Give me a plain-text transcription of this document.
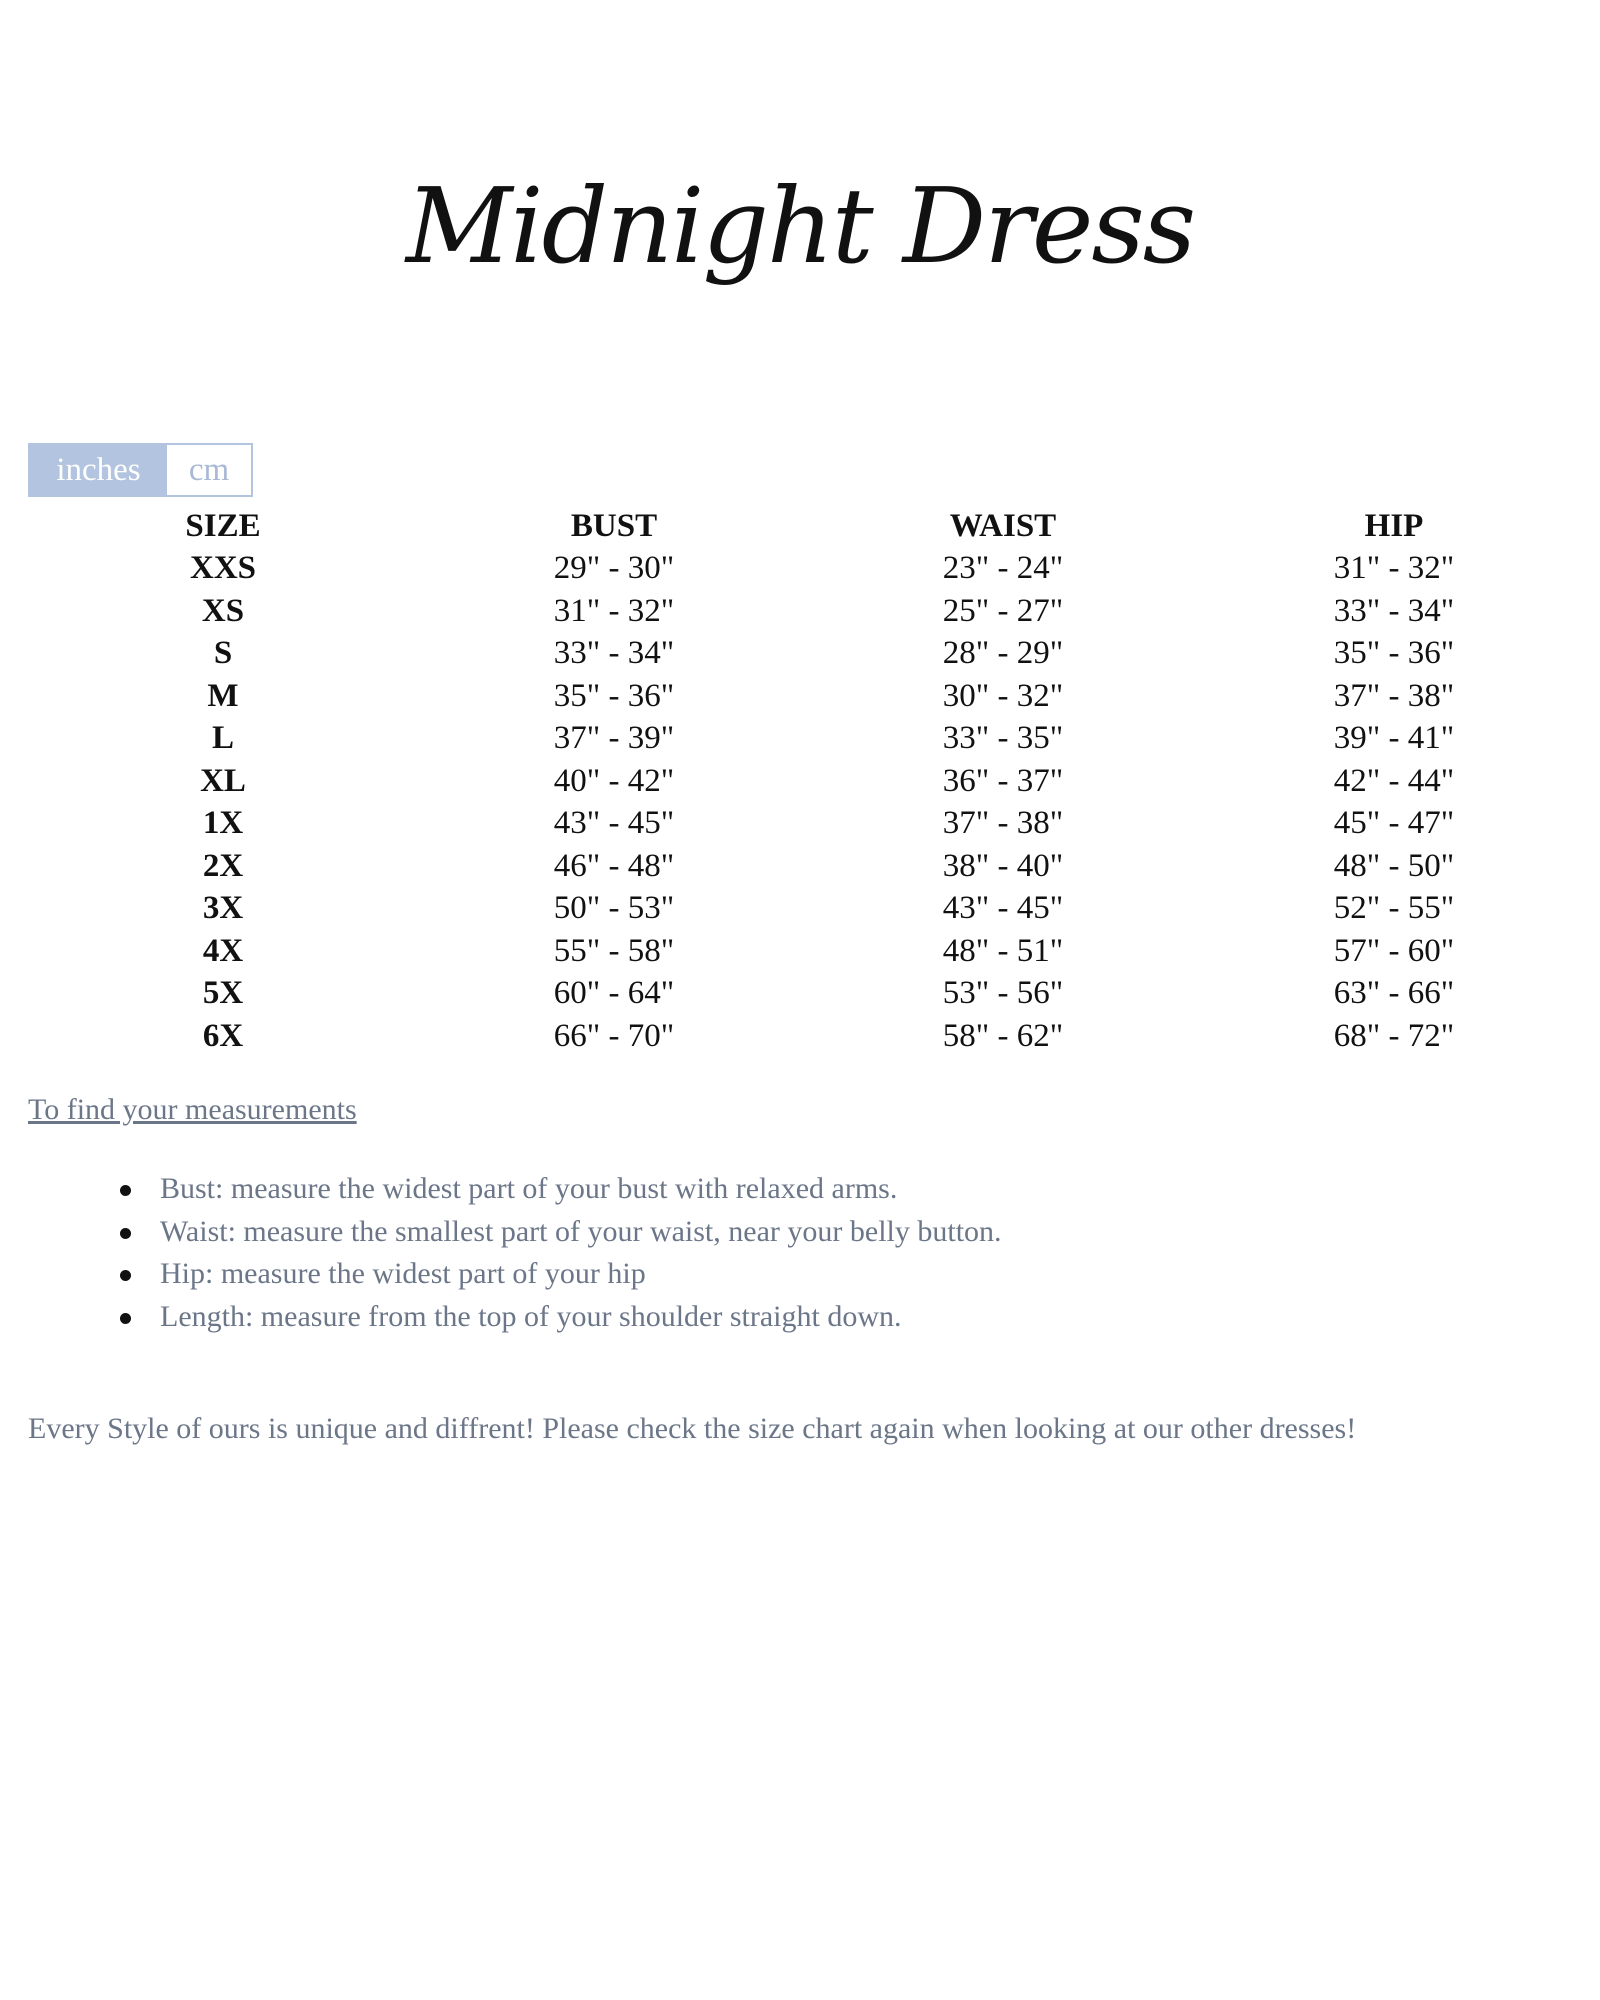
Midnight Dress
inches	cm
SIZE	BUST	WAIST	HIP
XXS	29" - 30"	23" - 24"	31" - 32"
XS	31" - 32"	25" - 27"	33" - 34"
S	33" - 34"	28" - 29"	35" - 36"
M	35" - 36"	30" - 32"	37" - 38"
L	37" - 39"	33" - 35"	39" - 41"
XL	40" - 42"	36" - 37"	42" - 44"
1X	43" - 45"	37" - 38"	45" - 47"
2X	46" - 48"	38" - 40"	48" - 50"
3X	50" - 53"	43" - 45"	52" - 55"
4X	55" - 58"	48" - 51"	57" - 60"
5X	60" - 64"	53" - 56"	63" - 66"
6X	66" - 70"	58" - 62"	68" - 72"
To find your measurements
Bust: measure the widest part of your bust with relaxed arms.
Waist: measure the smallest part of your waist, near your belly button.
Hip: measure the widest part of your hip
Length: measure from the top of your shoulder straight down.
Every Style of ours is unique and diffrent! Please check the size chart again when looking at our other dresses!
